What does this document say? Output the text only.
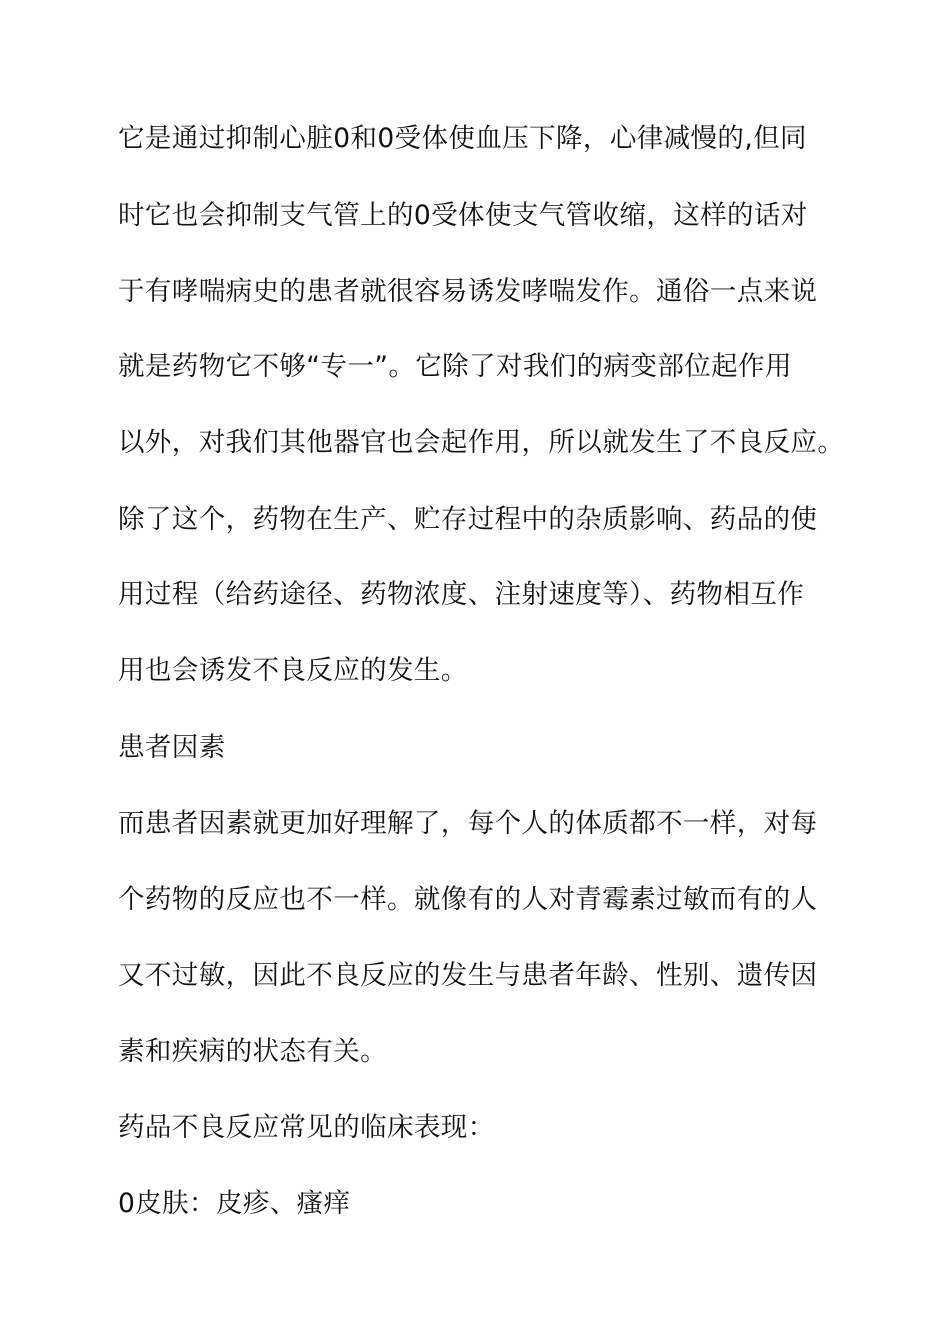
它是通过抑制心脏0和0受体使血压下降，心律减慢的,但同
时它也会抑制支气管上的0受体使支气管收缩，这样的话对
于有哮喘病史的患者就很容易诱发哮喘发作。通俗一点来说
就是药物它不够“专一”。它除了对我们的病变部位起作用
以外，对我们其他器官也会起作用，所以就发生了不良反应。
除了这个，药物在生产、贮存过程中的杂质影响、药品的使
用过程（给药途径、药物浓度、注射速度等）、药物相互作
用也会诱发不良反应的发生。
患者因素
而患者因素就更加好理解了，每个人的体质都不一样，对每
个药物的反应也不一样。就像有的人对青霉素过敏而有的人
又不过敏，因此不良反应的发生与患者年龄、性别、遗传因
素和疾病的状态有关。
药品不良反应常见的临床表现：
0皮肤：皮疹、瘙痒
